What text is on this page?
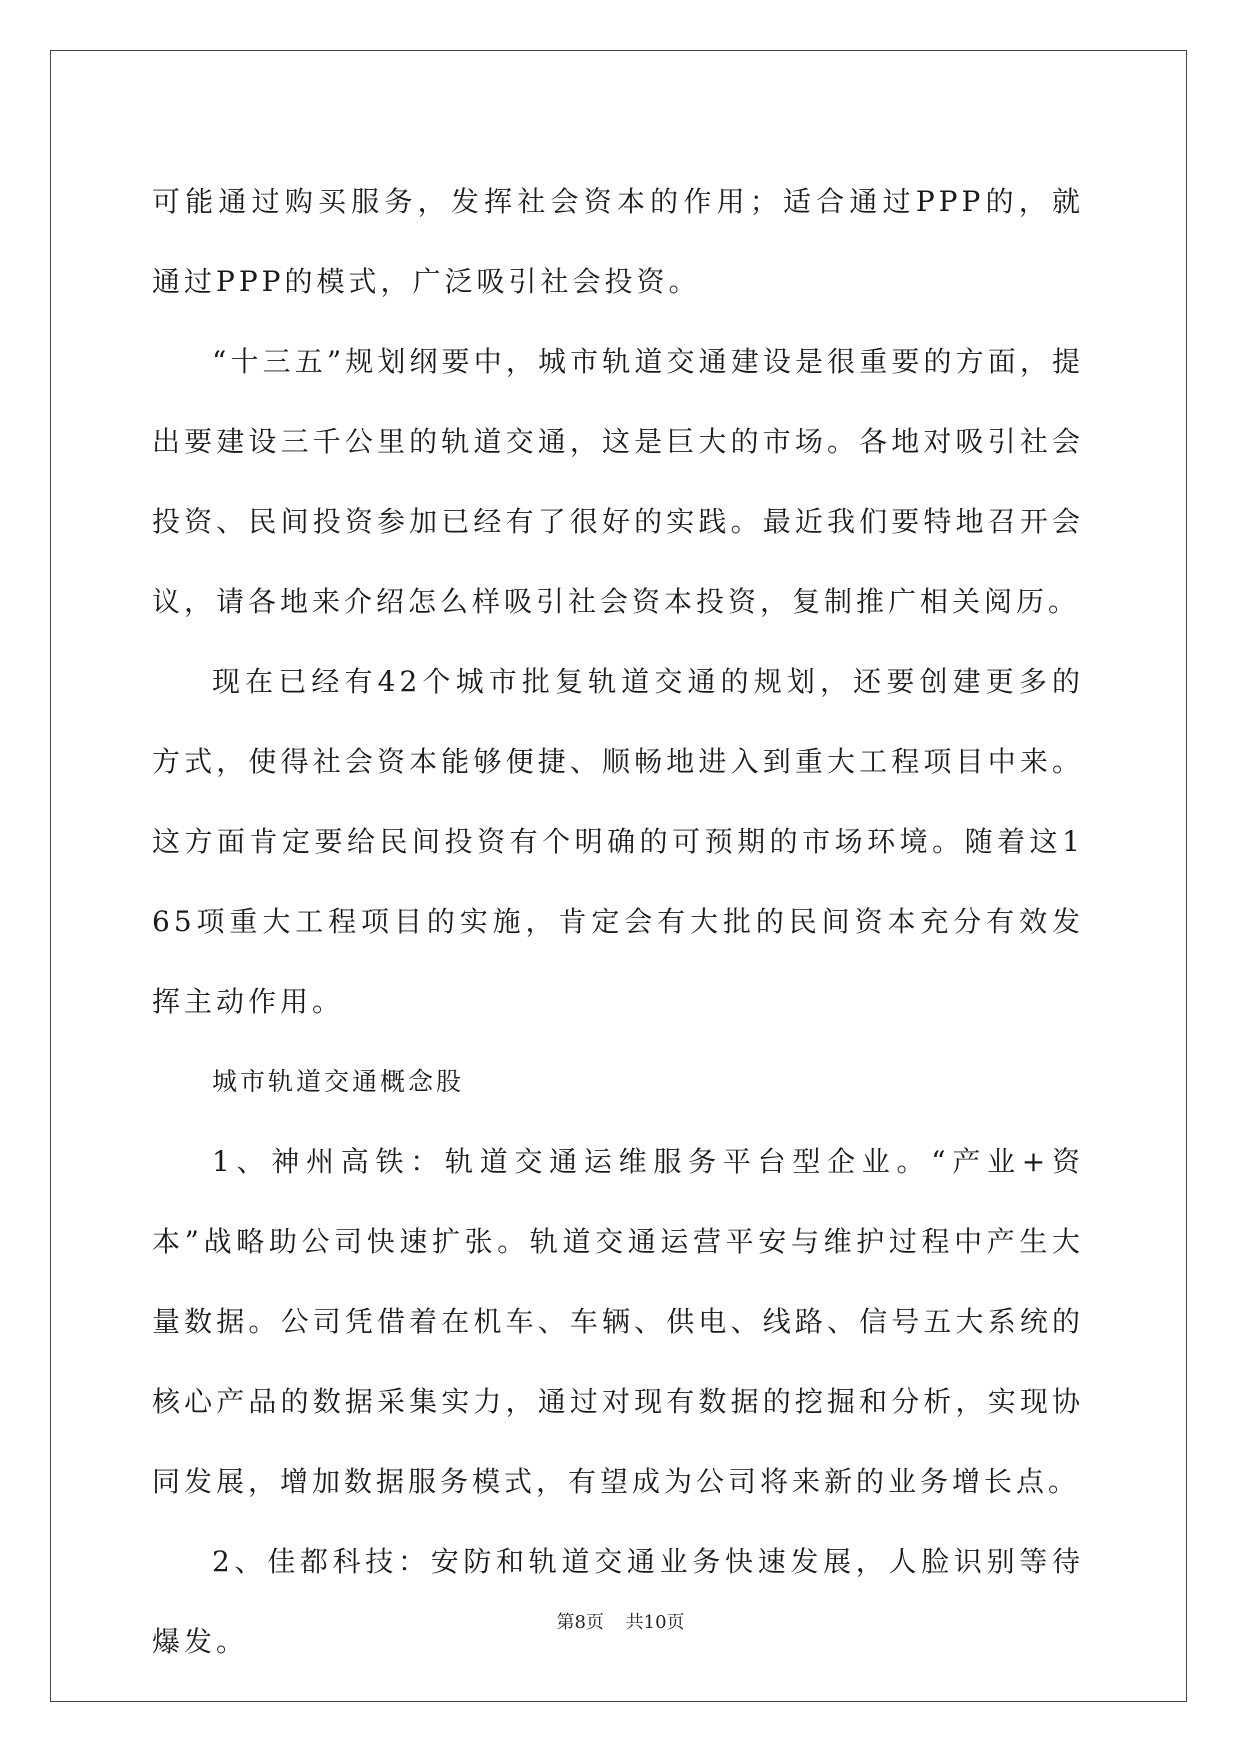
可能通过购买服务，发挥社会资本的作用；适合通过PPP的，就通过PPP的模式，广泛吸引社会投资。

“十三五”规划纲要中，城市轨道交通建设是很重要的方面，提出要建设三千公里的轨道交通，这是巨大的市场。各地对吸引社会投资、民间投资参加已经有了很好的实践。最近我们要特地召开会议，请各地来介绍怎么样吸引社会资本投资，复制推广相关阅历。

现在已经有42个城市批复轨道交通的规划，还要创建更多的方式，使得社会资本能够便捷、顺畅地进入到重大工程项目中来。这方面肯定要给民间投资有个明确的可预期的市场环境。随着这165项重大工程项目的实施，肯定会有大批的民间资本充分有效发挥主动作用。

城市轨道交通概念股

1、神州高铁：轨道交通运维服务平台型企业。“产业+资本”战略助公司快速扩张。轨道交通运营平安与维护过程中产生大量数据。公司凭借着在机车、车辆、供电、线路、信号五大系统的核心产品的数据采集实力，通过对现有数据的挖掘和分析，实现协同发展，增加数据服务模式，有望成为公司将来新的业务增长点。

2、佳都科技：安防和轨道交通业务快速发展，人脸识别等待爆发。

第8页 共10页
